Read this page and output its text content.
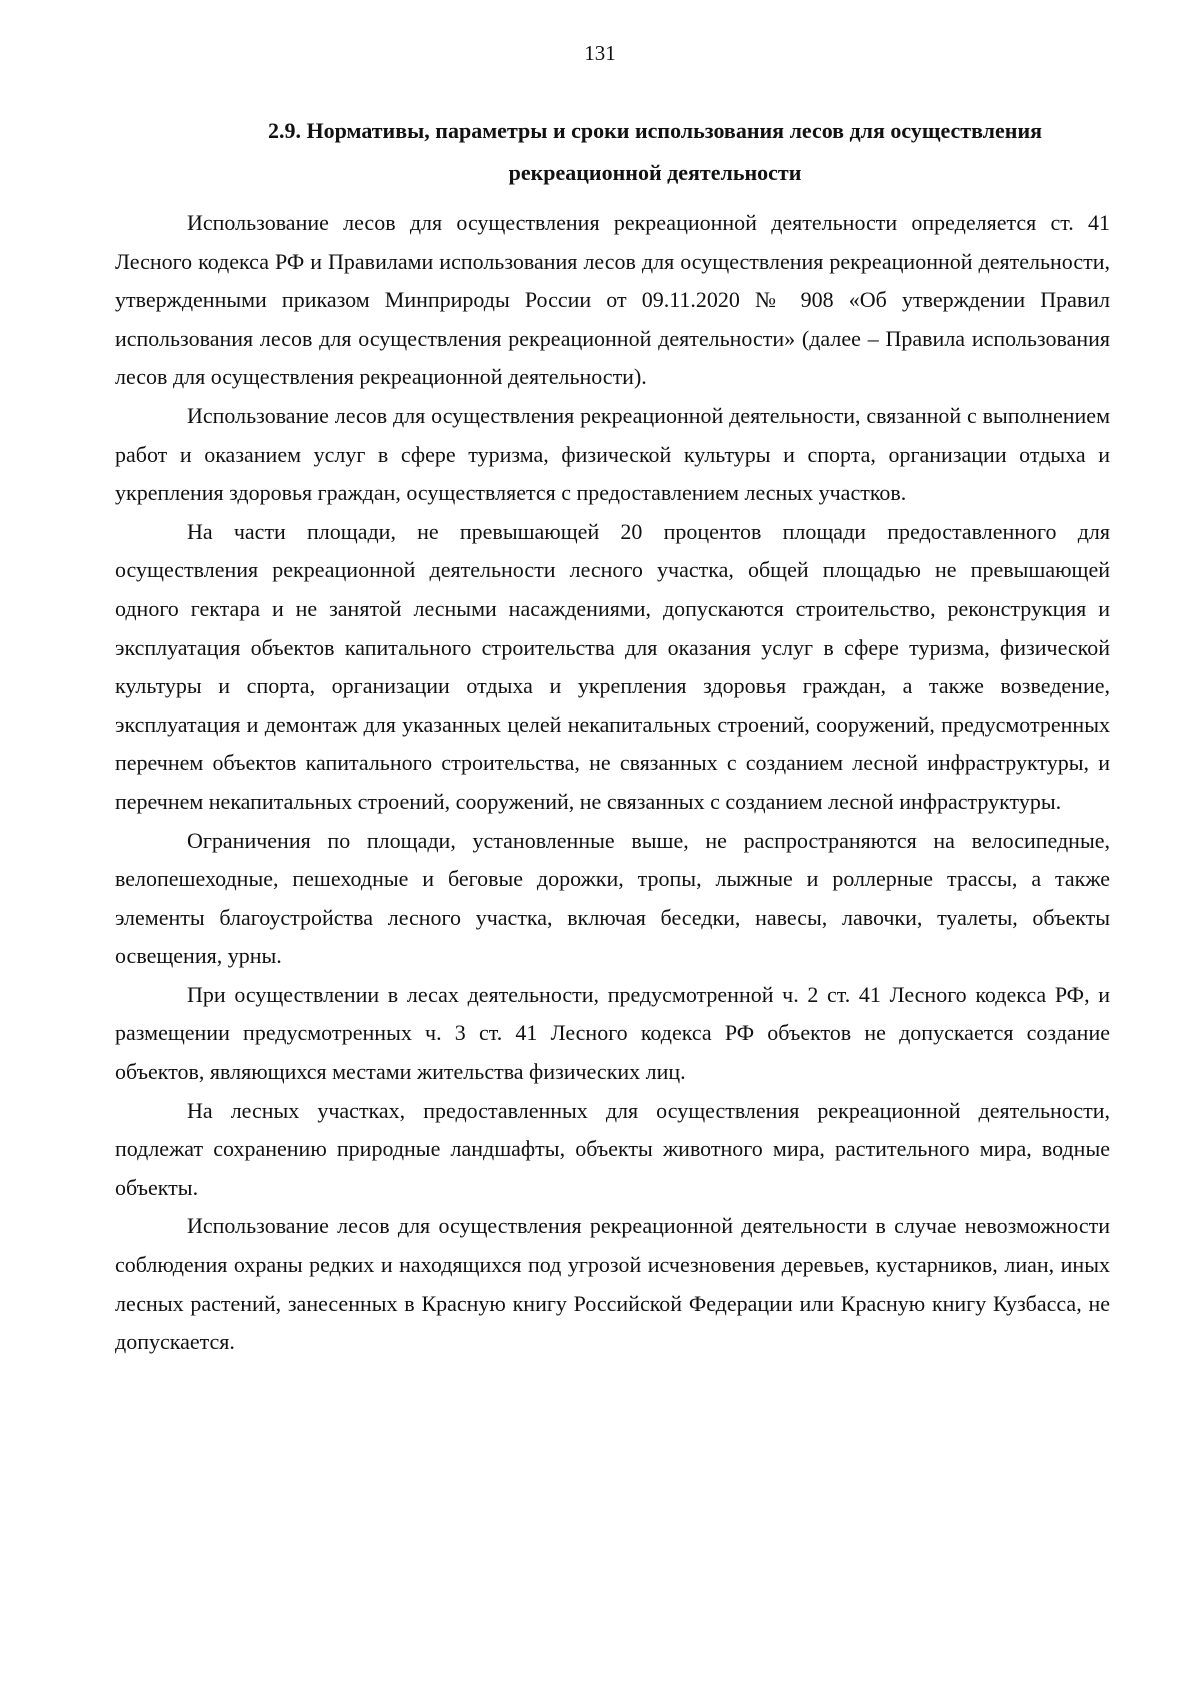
131
2.9. Нормативы, параметры и сроки использования лесов для осуществления
рекреационной деятельности

Использование лесов для осуществления рекреационной деятельности определяется ст. 41 Лесного кодекса РФ и Правилами использования лесов для осуществления рекреационной деятельности, утвержденными приказом Минприроды России от 09.11.2020 № 908 «Об утверждении Правил использования лесов для осуществления рекреационной деятельности» (далее – Правила использования лесов для осуществления рекреационной деятельности).

Использование лесов для осуществления рекреационной деятельности, связанной с выполнением работ и оказанием услуг в сфере туризма, физической культуры и спорта, организации отдыха и укрепления здоровья граждан, осуществляется с предоставлением лесных участков.

На части площади, не превышающей 20 процентов площади предоставленного для осуществления рекреационной деятельности лесного участка, общей площадью не превышающей одного гектара и не занятой лесными насаждениями, допускаются строительство, реконструкция и эксплуатация объектов капитального строительства для оказания услуг в сфере туризма, физической культуры и спорта, организации отдыха и укрепления здоровья граждан, а также возведение, эксплуатация и демонтаж для указанных целей некапитальных строений, сооружений, предусмотренных перечнем объектов капитального строительства, не связанных с созданием лесной инфраструктуры, и перечнем некапитальных строений, сооружений, не связанных с созданием лесной инфраструктуры.

Ограничения по площади, установленные выше, не распространяются на велосипедные, велопешеходные, пешеходные и беговые дорожки, тропы, лыжные и роллерные трассы, а также элементы благоустройства лесного участка, включая беседки, навесы, лавочки, туалеты, объекты освещения, урны.

При осуществлении в лесах деятельности, предусмотренной ч. 2 ст. 41 Лесного кодекса РФ, и размещении предусмотренных ч. 3 ст. 41 Лесного кодекса РФ объектов не допускается создание объектов, являющихся местами жительства физических лиц.

На лесных участках, предоставленных для осуществления рекреационной деятельности, подлежат сохранению природные ландшафты, объекты животного мира, растительного мира, водные объекты.

Использование лесов для осуществления рекреационной деятельности в случае невозможности соблюдения охраны редких и находящихся под угрозой исчезновения деревьев, кустарников, лиан, иных лесных растений, занесенных в Красную книгу Российской Федерации или Красную книгу Кузбасса, не допускается.
